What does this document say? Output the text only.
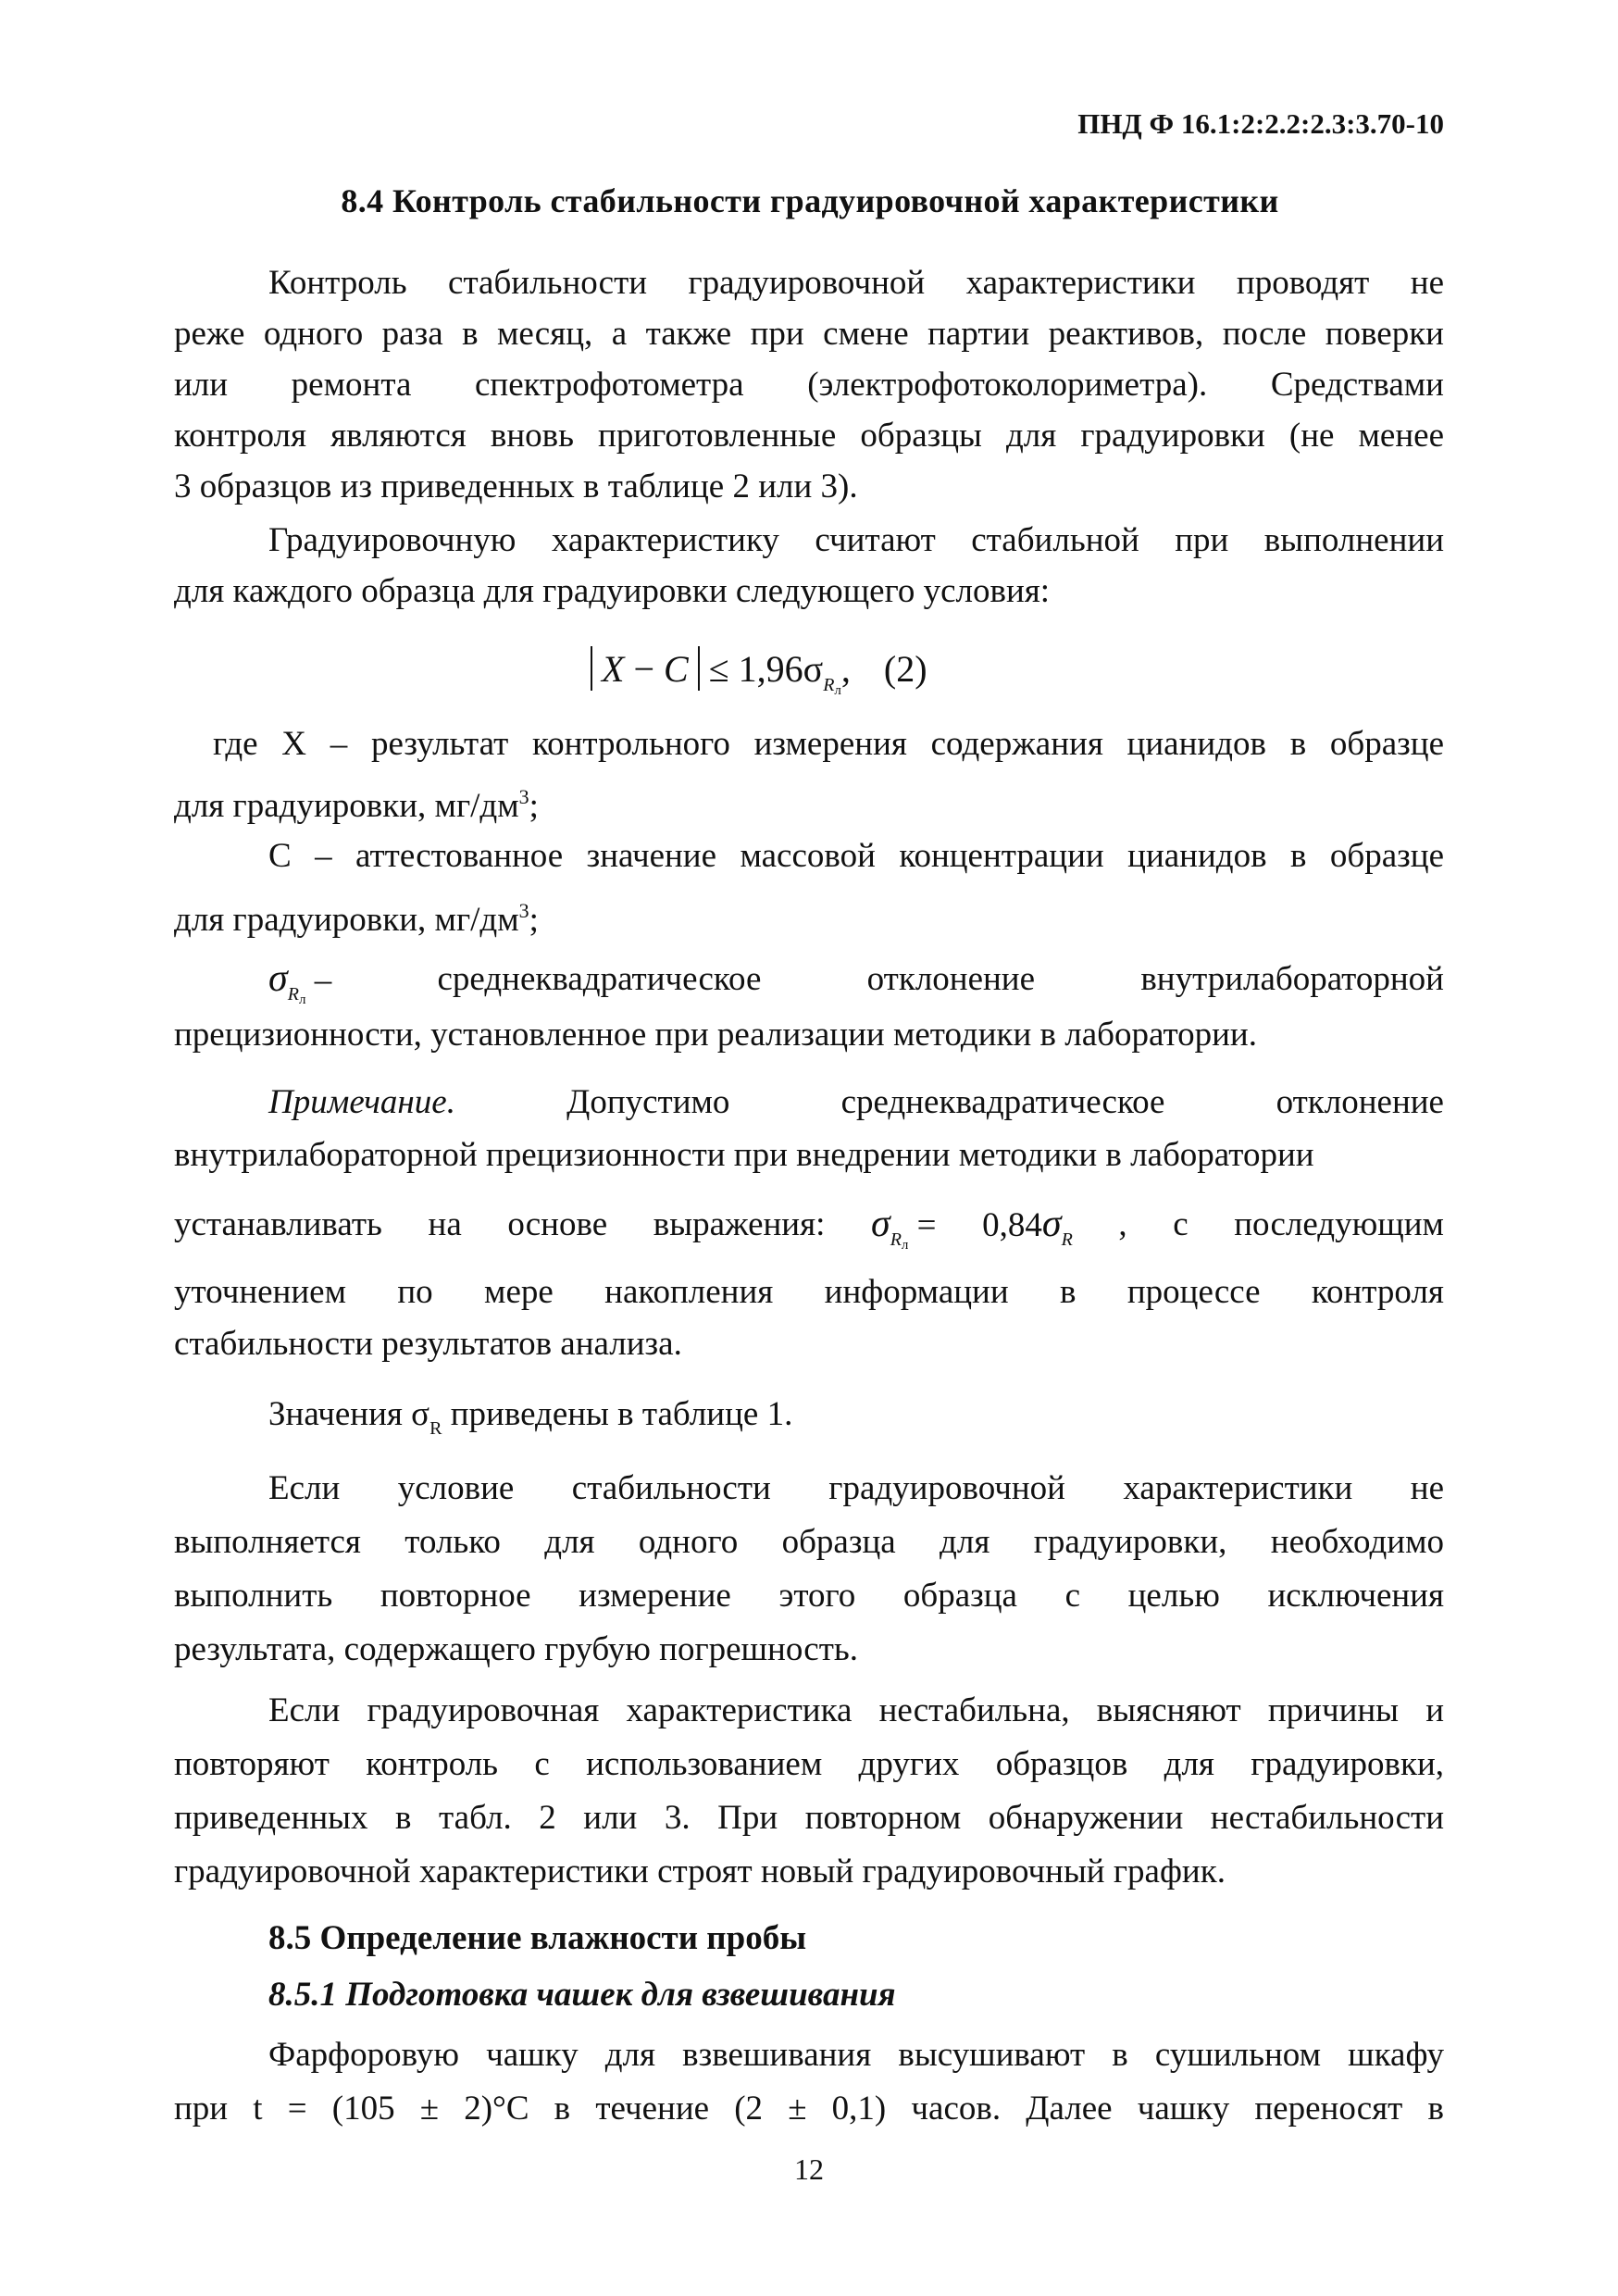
ПНД Ф 16.1:2:2.2:2.3:3.70-10
8.4 Контроль стабильности градуировочной характеристики
Контроль стабильности градуировочной характеристики проводят не
реже одного раза в месяц, а также при смене партии реактивов, после поверки
или ремонта спектрофотометра (электрофотоколориметра). Средствами
контроля являются вновь приготовленные образцы для градуировки (не менее
3 образцов из приведенных в таблице 2 или 3).
Градуировочную характеристику считают стабильной при выполнении
для каждого образца для градуировки следующего условия:
$X - C \le 1,96\sigma_{Rл}$, (2)
где X – результат контрольного измерения содержания цианидов в образце
для градуировки, $мг/дм^3$;
C – аттестованное значение массовой концентрации цианидов в образце
для градуировки, $мг/дм^3$;
$\sigma_{Rл}$ –	среднеквадратическое	отклонение	внутрилабораторной
прецизионности, установленное при реализации методики в лаборатории.
Примечание.	Допустимо	среднеквадратическое	отклонение
внутрилабораторной прецизионности при внедрении методики в лаборатории
устанавливать на основе выражения: $\sigma_{Rл} = 0,84\sigma_R$ , с последующим
уточнением по мере накопления информации в процессе контроля
стабильности результатов анализа.
Значения $\sigma_R$ приведены в таблице 1.
Если условие стабильности градуировочной характеристики не
выполняется только для одного образца для градуировки, необходимо
выполнить повторное измерение этого образца с целью исключения
результата, содержащего грубую погрешность.
Если градуировочная характеристика нестабильна, выясняют причины и
повторяют контроль с использованием других образцов для градуировки,
приведенных в табл. 2 или 3. При повторном обнаружении нестабильности
градуировочной характеристики строят новый градуировочный график.
8.5 Определение влажности пробы
8.5.1 Подготовка чашек для взвешивания
Фарфоровую чашку для взвешивания высушивают в сушильном шкафу
при t = (105 ± 2)°C в течение (2 ± 0,1) часов. Далее чашку переносят в
12
